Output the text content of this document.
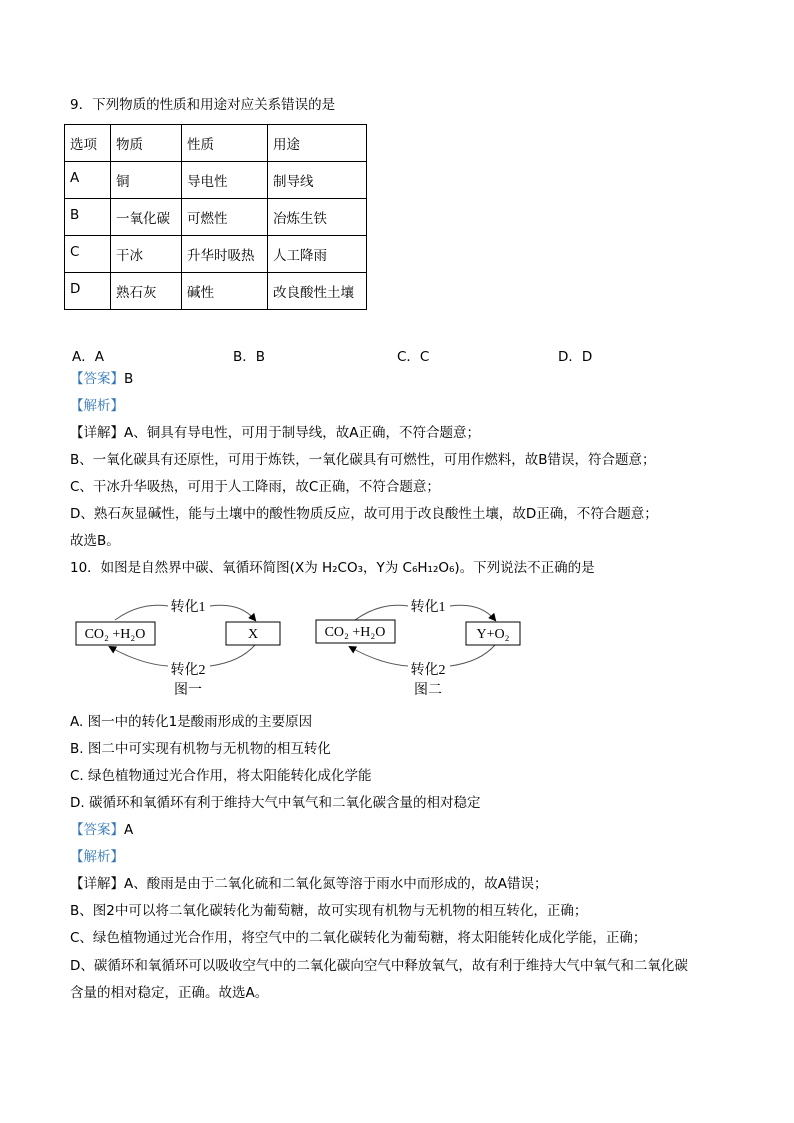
9．下列物质的性质和用途对应关系错误的是
选项	物质	性质	用途
A	铜	导电性	制导线
B	一氧化碳	可燃性	冶炼生铁
C	干冰	升华时吸热	人工降雨
D	熟石灰	碱性	改良酸性土壤
A．A	B．B	C．C	D．D
【答案】B
【解析】
【详解】A、铜具有导电性，可用于制导线，故A正确，不符合题意；
B、一氧化碳具有还原性，可用于炼铁，一氧化碳具有可燃性，可用作燃料，故B错误，符合题意；
C、干冰升华吸热，可用于人工降雨，故C正确，不符合题意；
D、熟石灰显碱性，能与土壤中的酸性物质反应，故可用于改良酸性土壤，故D正确，不符合题意；
故选B。
10．如图是自然界中碳、氧循环简图(X为 H₂CO₃，Y为 C₆H₁₂O₆)。下列说法不正确的是
CO₂ +H₂O	X
转化1
转化2
图一
CO₂ +H₂O	Y+O₂
转化1
转化2
图二
A. 图一中的转化1是酸雨形成的主要原因
B. 图二中可实现有机物与无机物的相互转化
C. 绿色植物通过光合作用，将太阳能转化成化学能
D. 碳循环和氧循环有利于维持大气中氧气和二氧化碳含量的相对稳定
【答案】A
【解析】
【详解】A、酸雨是由于二氧化硫和二氧化氮等溶于雨水中而形成的，故A错误；
B、图2中可以将二氧化碳转化为葡萄糖，故可实现有机物与无机物的相互转化，正确；
C、绿色植物通过光合作用，将空气中的二氧化碳转化为葡萄糖，将太阳能转化成化学能，正确；
D、碳循环和氧循环可以吸收空气中的二氧化碳向空气中释放氧气，故有利于维持大气中氧气和二氧化碳
含量的相对稳定，正确。故选A。
